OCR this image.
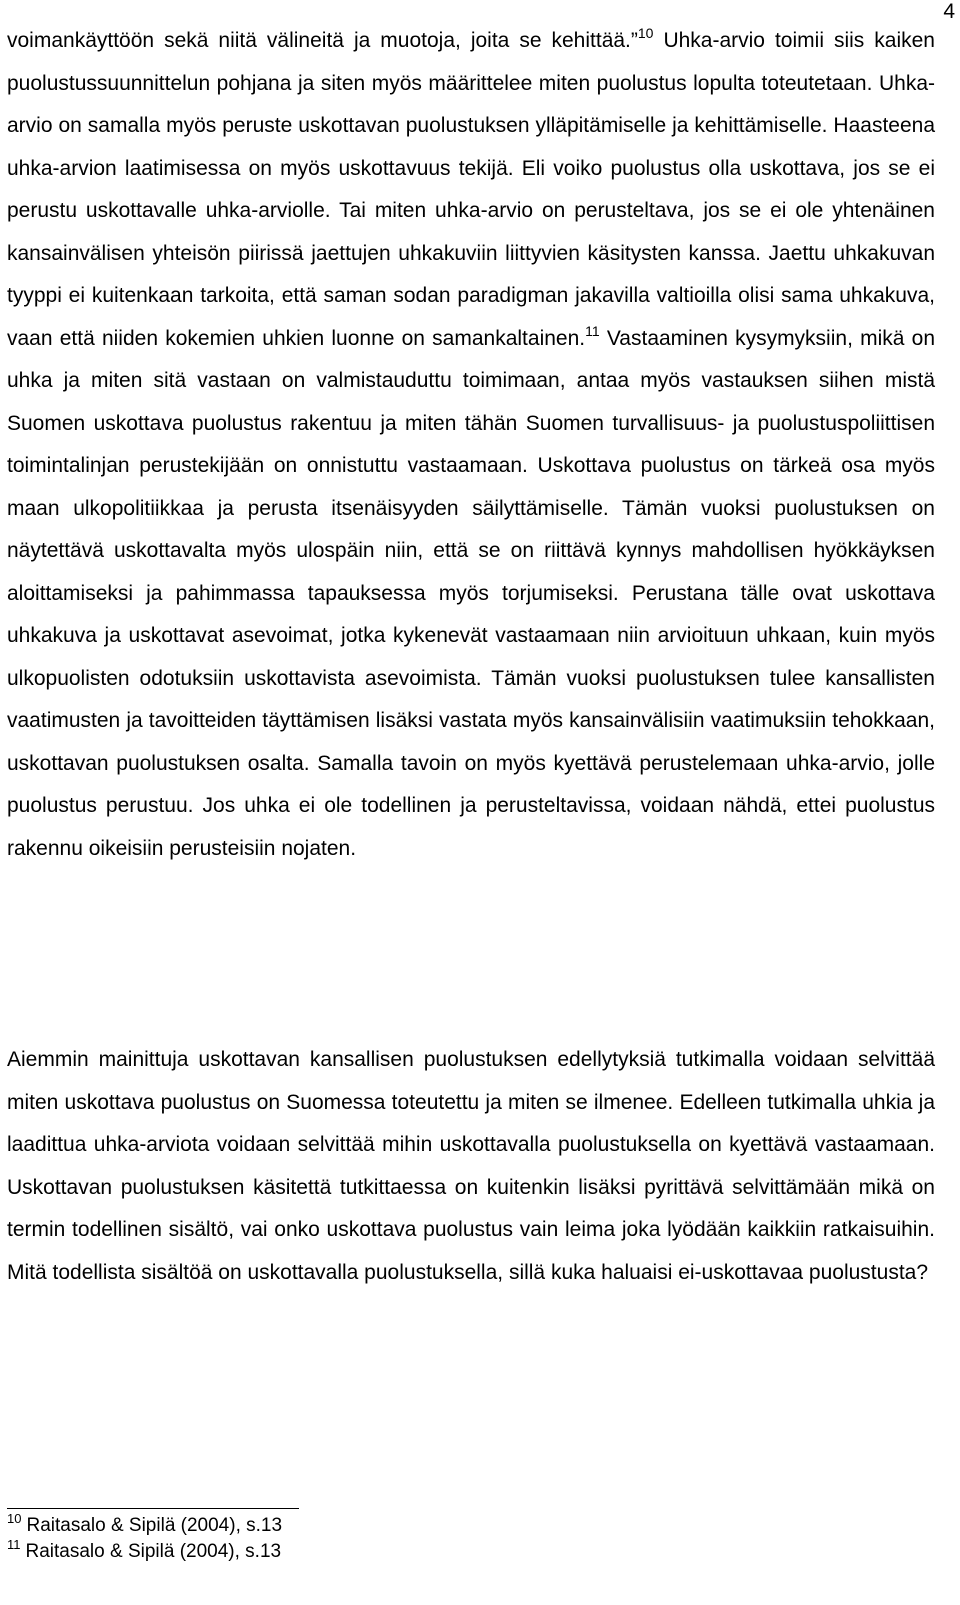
4

voimankäyttöön sekä niitä välineitä ja muotoja, joita se kehittää.”$^{10}$ Uhka-arvio toimii siis kaiken puolustussuunnittelun pohjana ja siten myös määrittelee miten puolustus lopulta toteutetaan. Uhka-arvio on samalla myös peruste uskottavan puolustuksen ylläpitämiselle ja kehittämiselle. Haasteena uhka-arvion laatimisessa on myös uskottavuus tekijä. Eli voiko puolustus olla uskottava, jos se ei perustu uskottavalle uhka-arviolle. Tai miten uhka-arvio on perusteltava, jos se ei ole yhtenäinen kansainvälisen yhteisön piirissä jaettujen uhkakuviin liittyvien käsitysten kanssa. Jaettu uhkakuvan tyyppi ei kuitenkaan tarkoita, että saman sodan paradigman jakavilla valtioilla olisi sama uhkakuva, vaan että niiden kokemien uhkien luonne on samankaltainen.$^{11}$ Vastaaminen kysymyksiin, mikä on uhka ja miten sitä vastaan on valmistauduttu toimimaan, antaa myös vastauksen siihen mistä Suomen uskottava puolustus rakentuu ja miten tähän Suomen turvallisuus- ja puolustuspoliittisen toimintalinjan perustekijään on onnistuttu vastaamaan. Uskottava puolustus on tärkeä osa myös maan ulkopolitiikkaa ja perusta itsenäisyyden säilyttämiselle. Tämän vuoksi puolustuksen on näytettävä uskottavalta myös ulospäin niin, että se on riittävä kynnys mahdollisen hyökkäyksen aloittamiseksi ja pahimmassa tapauksessa myös torjumiseksi. Perustana tälle ovat uskottava uhkakuva ja uskottavat asevoimat, jotka kykenevät vastaamaan niin arvioituun uhkaan, kuin myös ulkopuolisten odotuksiin uskottavista asevoimista. Tämän vuoksi puolustuksen tulee kansallisten vaatimusten ja tavoitteiden täyttämisen lisäksi vastata myös kansainvälisiin vaatimuksiin tehokkaan, uskottavan puolustuksen osalta. Samalla tavoin on myös kyettävä perustelemaan uhka-arvio, jolle puolustus perustuu. Jos uhka ei ole todellinen ja perusteltavissa, voidaan nähdä, ettei puolustus rakennu oikeisiin perusteisiin nojaten.

Aiemmin mainittuja uskottavan kansallisen puolustuksen edellytyksiä tutkimalla voidaan selvittää miten uskottava puolustus on Suomessa toteutettu ja miten se ilmenee. Edelleen tutkimalla uhkia ja laadittua uhka-arviota voidaan selvittää mihin uskottavalla puolustuksella on kyettävä vastaamaan. Uskottavan puolustuksen käsitettä tutkittaessa on kuitenkin lisäksi pyrittävä selvittämään mikä on termin todellinen sisältö, vai onko uskottava puolustus vain leima joka lyödään kaikkiin ratkaisuihin. Mitä todellista sisältöä on uskottavalla puolustuksella, sillä kuka haluaisi ei-uskottavaa puolustusta?

$^{10}$ Raitasalo & Sipilä (2004), s.13
$^{11}$ Raitasalo & Sipilä (2004), s.13
